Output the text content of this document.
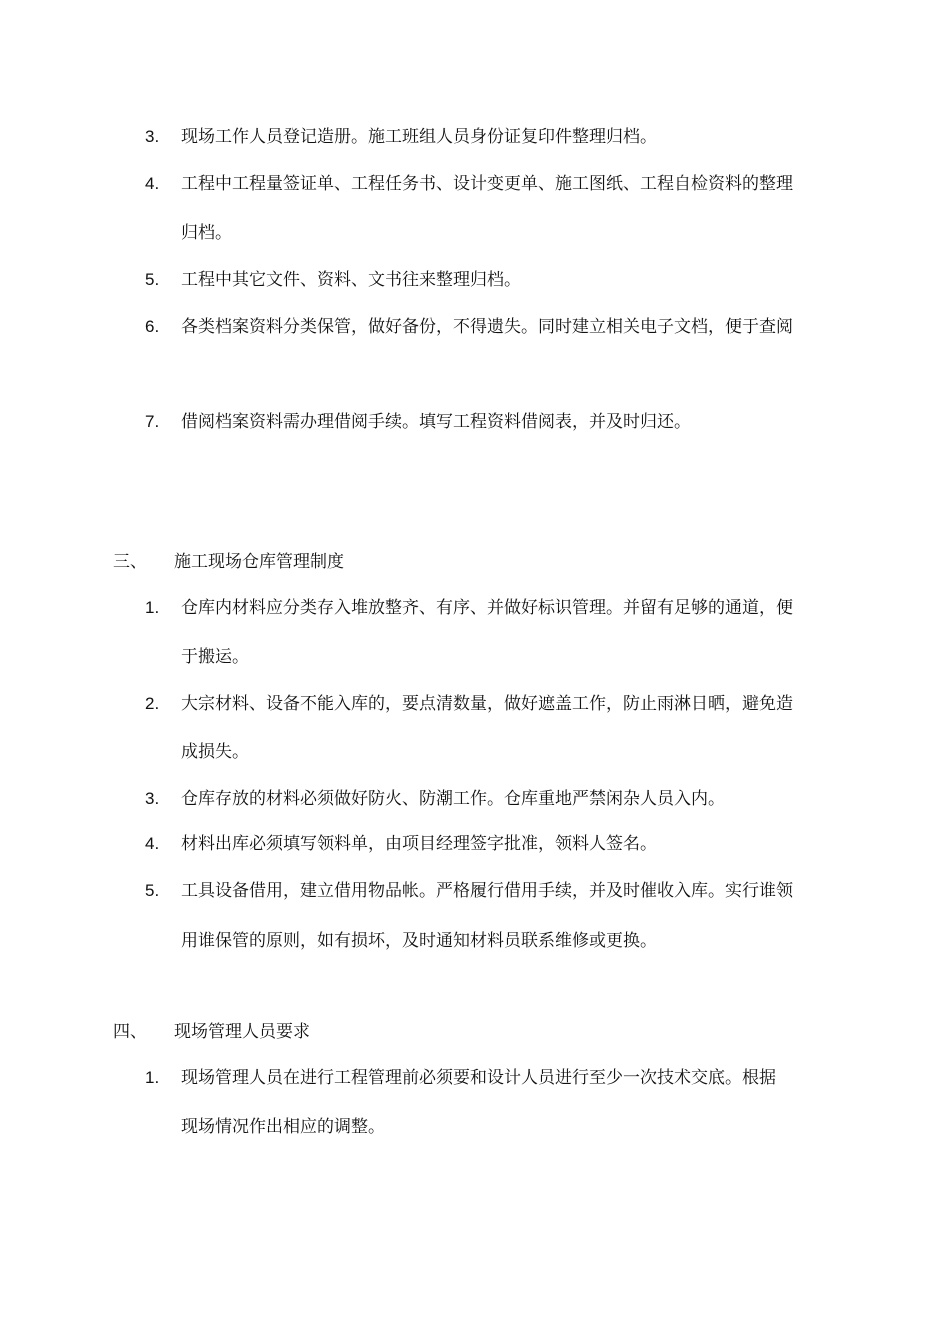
3.	现场工作人员登记造册。施工班组人员身份证复印件整理归档。
4.	工程中工程量签证单、工程任务书、设计变更单、施工图纸、工程自检资料的整理
归档。
5.	工程中其它文件、资料、文书往来整理归档。
6.	各类档案资料分类保管，做好备份，不得遗失。同时建立相关电子文档，便于查阅
7.	借阅档案资料需办理借阅手续。填写工程资料借阅表，并及时归还。
三、 施工现场仓库管理制度
1.	仓库内材料应分类存入堆放整齐、有序、并做好标识管理。并留有足够的通道，便
于搬运。
2.	大宗材料、设备不能入库的，要点清数量，做好遮盖工作，防止雨淋日晒，避免造
成损失。
3.	仓库存放的材料必须做好防火、防潮工作。仓库重地严禁闲杂人员入内。
4.	材料出库必须填写领料单，由项目经理签字批准，领料人签名。
5.	工具设备借用，建立借用物品帐。严格履行借用手续，并及时催收入库。实行谁领
用谁保管的原则，如有损坏，及时通知材料员联系维修或更换。
四、 现场管理人员要求
1.	现场管理人员在进行工程管理前必须要和设计人员进行至少一次技术交底。根据
现场情况作出相应的调整。
